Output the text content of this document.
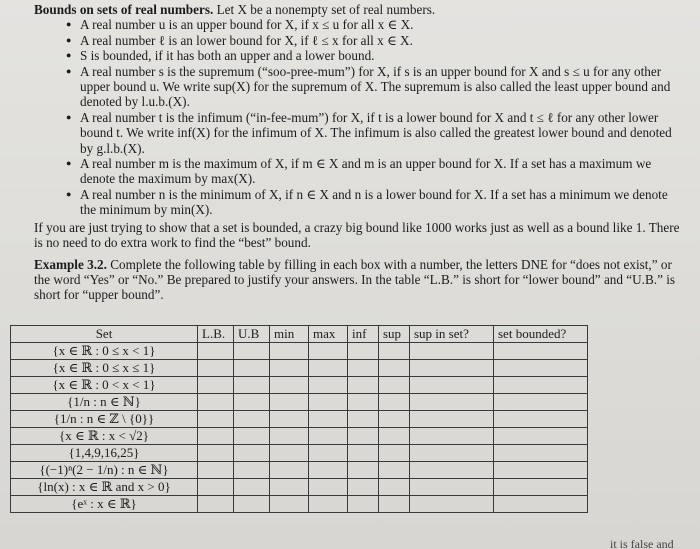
Bounds on sets of real numbers. Let X be a nonempty set of real numbers.

● A real number u is an upper bound for X, if x ≤ u for all x ∈ X.
● A real number ℓ is an lower bound for X, if ℓ ≤ x for all x ∈ X.
● S is bounded, if it has both an upper and a lower bound.
● A real number s is the supremum (“soo-pree-mum”) for X, if s is an upper bound for X and s ≤ u for any other upper bound u. We write sup(X) for the supremum of X. The supremum is also called the least upper bound and denoted by l.u.b.(X).
● A real number t is the infimum (“in-fee-mum”) for X, if t is a lower bound for X and t ≤ ℓ for any other lower bound t. We write inf(X) for the infimum of X. The infimum is also called the greatest lower bound and denoted by g.l.b.(X).
● A real number m is the maximum of X, if m ∈ X and m is an upper bound for X. If a set has a maximum we denote the maximum by max(X).
● A real number n is the minimum of X, if n ∈ X and n is a lower bound for X. If a set has a minimum we denote the minimum by min(X).

If you are just trying to show that a set is bounded, a crazy big bound like 1000 works just as well as a bound like 1. There is no need to do extra work to find the “best” bound.

Example 3.2. Complete the following table by filling in each box with a number, the letters DNE for “does not exist,” or the word “Yes” or “No.” Be prepared to justify your answers. In the table “L.B.” is short for “lower bound” and “U.B.” is short for “upper bound”.

Set	L.B.	U.B	min	max	inf	sup	sup in set?	set bounded?
{x ∈ ℝ : 0 ≤ x < 1}								
{x ∈ ℝ : 0 ≤ x ≤ 1}								
{x ∈ ℝ : 0 < x < 1}								
{1/n : n ∈ ℕ}								
{1/n : n ∈ ℤ \ {0}}								
{x ∈ ℝ : x < √2}								
{1,4,9,16,25}								
{(−1)ⁿ(2 − 1/n) : n ∈ ℕ}								
{ln(x) : x ∈ ℝ and x > 0}								
{eˣ : x ∈ ℝ}								
it is false and
